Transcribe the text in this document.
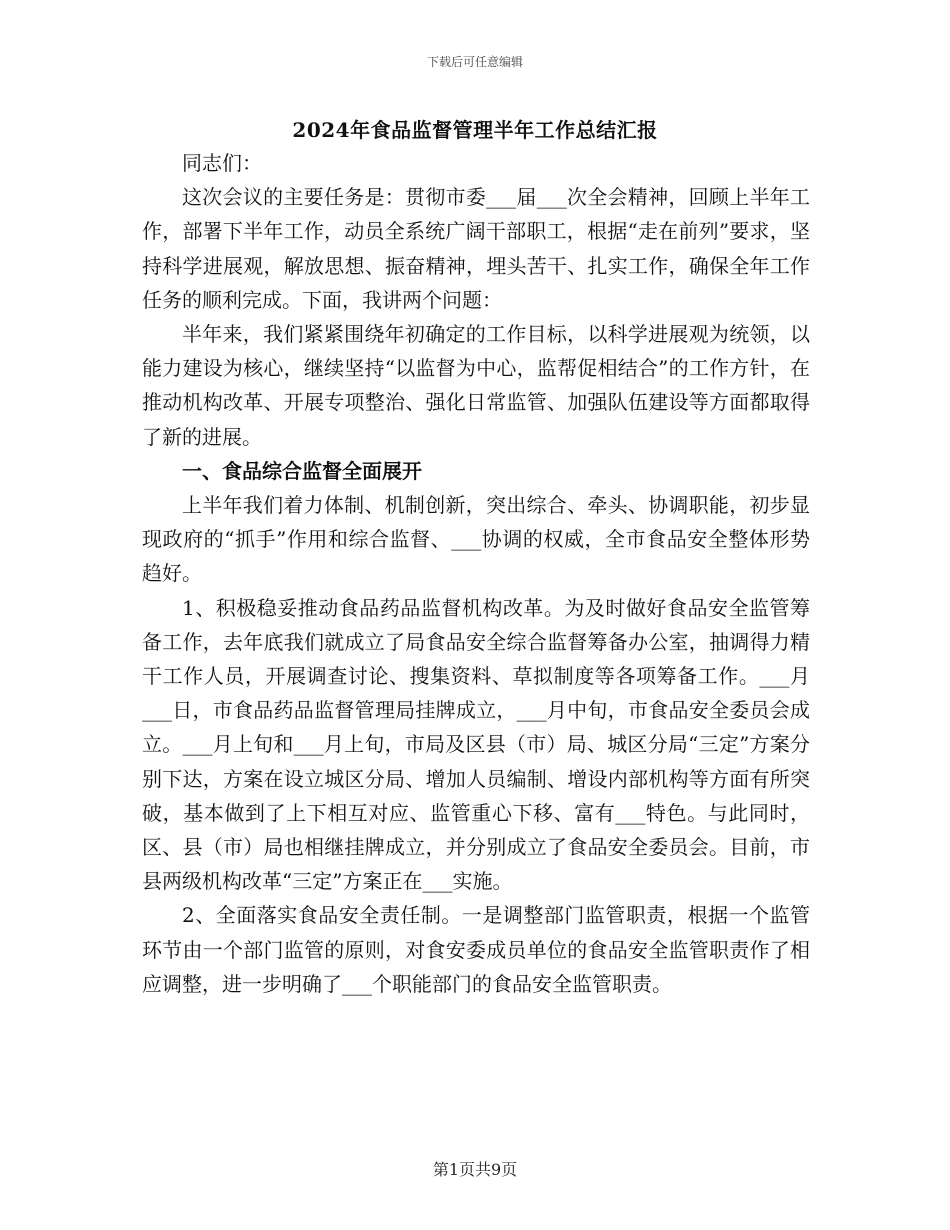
下载后可任意编辑
2024年食品监督管理半年工作总结汇报

同志们：

这次会议的主要任务是：贯彻市委___届___次全会精神，回顾上半年工作，部署下半年工作，动员全系统广阔干部职工，根据“走在前列”要求，坚持科学进展观，解放思想、振奋精神，埋头苦干、扎实工作，确保全年工作任务的顺利完成。下面，我讲两个问题：

半年来，我们紧紧围绕年初确定的工作目标，以科学进展观为统领，以能力建设为核心，继续坚持“以监督为中心，监帮促相结合”的工作方针，在推动机构改革、开展专项整治、强化日常监管、加强队伍建设等方面都取得了新的进展。

一、食品综合监督全面展开

上半年我们着力体制、机制创新，突出综合、牵头、协调职能，初步显现政府的“抓手”作用和综合监督、___协调的权威，全市食品安全整体形势趋好。

1、积极稳妥推动食品药品监督机构改革。为及时做好食品安全监管筹备工作，去年底我们就成立了局食品安全综合监督筹备办公室，抽调得力精干工作人员，开展调查讨论、搜集资料、草拟制度等各项筹备工作。___月___日，市食品药品监督管理局挂牌成立，___月中旬，市食品安全委员会成立。___月上旬和___月上旬，市局及区县（市）局、城区分局“三定”方案分别下达，方案在设立城区分局、增加人员编制、增设内部机构等方面有所突破，基本做到了上下相互对应、监管重心下移、富有___特色。与此同时，区、县（市）局也相继挂牌成立，并分别成立了食品安全委员会。目前，市县两级机构改革“三定”方案正在___实施。

2、全面落实食品安全责任制。一是调整部门监管职责，根据一个监管环节由一个部门监管的原则，对食安委成员单位的食品安全监管职责作了相应调整，进一步明确了___个职能部门的食品安全监管职责。

第1页共9页
